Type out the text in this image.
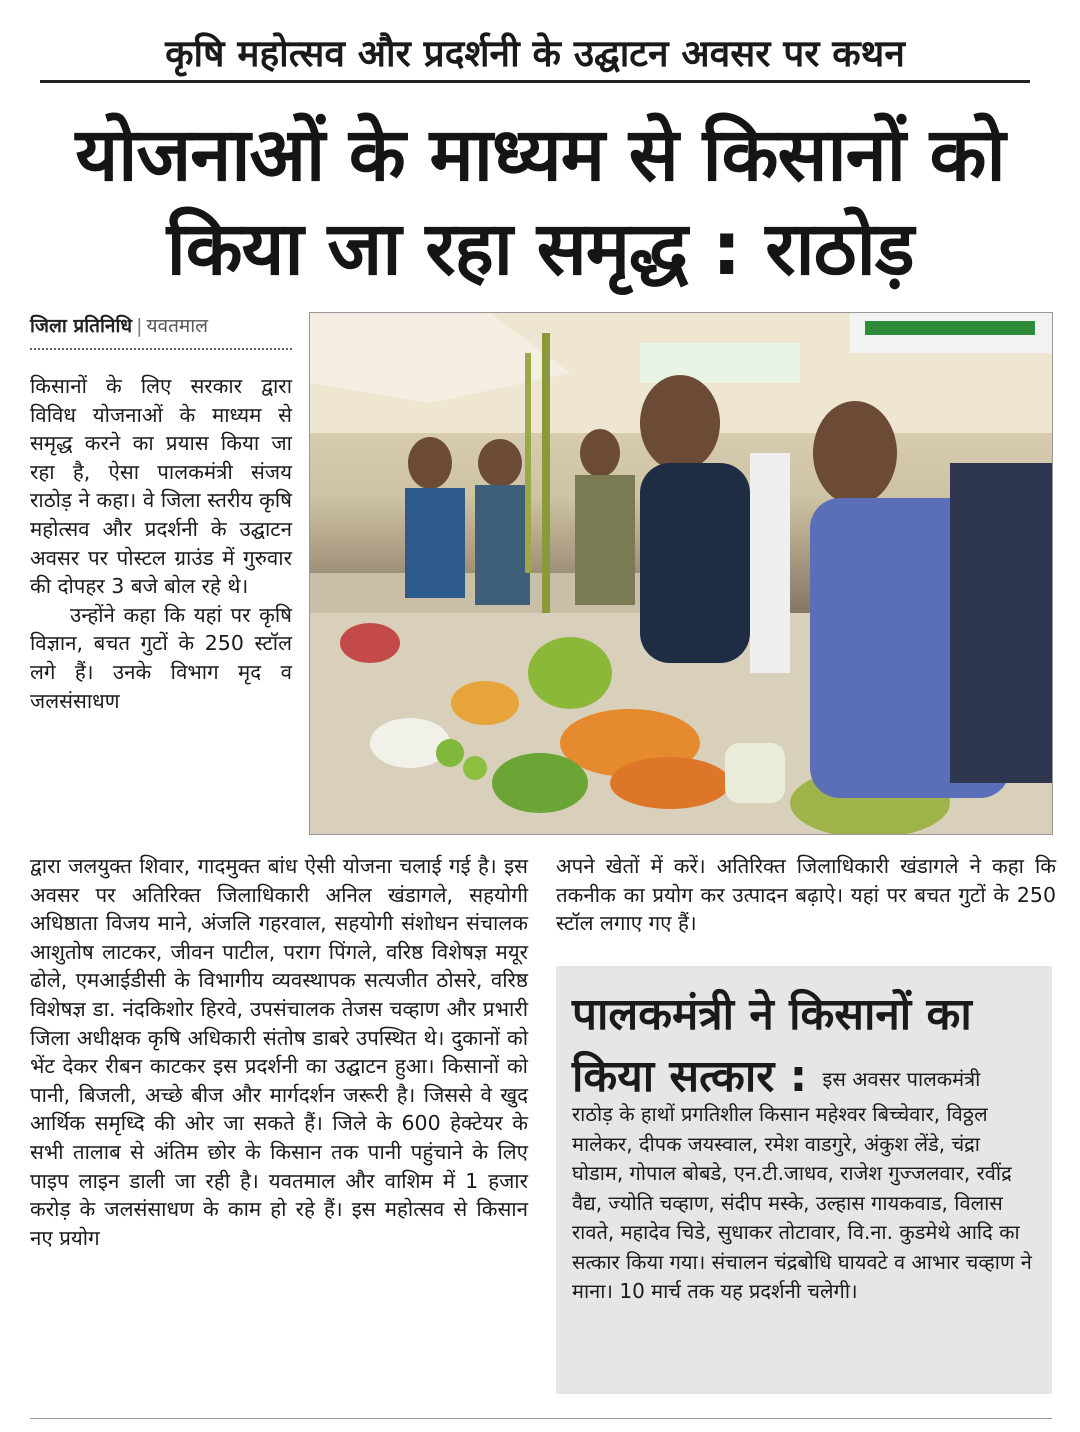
कृषि महोत्सव और प्रदर्शनी के उद्घाटन अवसर पर कथन
योजनाओं के माध्यम से किसानों को
किया जा रहा समृद्ध : राठोड़
जिला प्रतिनिधि | यवतमाल
किसानों के लिए सरकार द्वारा विविध योजनाओं के माध्यम से समृद्ध करने का प्रयास किया जा रहा है, ऐसा पालकमंत्री संजय राठोड़ ने कहा। वे जिला स्तरीय कृषि महोत्सव और प्रदर्शनी के उद्घाटन अवसर पर पोस्टल ग्राउंड में गुरुवार की दोपहर 3 बजे बोल रहे थे।
उन्होंने कहा कि यहां पर कृषि विज्ञान, बचत गुटों के 250 स्टॉल लगे हैं। उनके विभाग मृद व जलसंसाधण
द्वारा जलयुक्त शिवार, गादमुक्त बांध ऐसी योजना चलाई गई है। इस अवसर पर अतिरिक्त जिलाधिकारी अनिल खंडागले, सहयोगी अधिष्ठाता विजय माने, अंजलि गहरवाल, सहयोगी संशोधन संचालक आशुतोष लाटकर, जीवन पाटील, पराग पिंगले, वरिष्ठ विशेषज्ञ मयूर ढोले, एमआईडीसी के विभागीय व्यवस्थापक सत्यजीत ठोसरे, वरिष्ठ विशेषज्ञ डा. नंदकिशोर हिरवे, उपसंचालक तेजस चव्हाण और प्रभारी जिला अधीक्षक कृषि अधिकारी संतोष डाबरे उपस्थित थे। दुकानों को भेंट देकर रीबन काटकर इस प्रदर्शनी का उद्घाटन हुआ। किसानों को पानी, बिजली, अच्छे बीज और मार्गदर्शन जरूरी है। जिससे वे खुद आर्थिक समृध्दि की ओर जा सकते हैं। जिले के 600 हेक्टेयर के सभी तालाब से अंतिम छोर के किसान तक पानी पहुंचाने के लिए पाइप लाइन डाली जा रही है। यवतमाल और वाशिम में 1 हजार करोड़ के जलसंसाधण के काम हो रहे हैं। इस महोत्सव से किसान नए प्रयोग
अपने खेतों में करें। अतिरिक्त जिलाधिकारी खंडागले ने कहा कि तकनीक का प्रयोग कर उत्पादन बढ़ाऐ। यहां पर बचत गुटों के 250 स्टॉल लगाए गए हैं।
पालकमंत्री ने किसानों का
किया सत्कार : इस अवसर पालकमंत्री
राठोड़ के हाथों प्रगतिशील किसान महेश्वर बिच्चेवार, विठ्ठल मालेकर, दीपक जयस्वाल, रमेश वाडगुरे, अंकुश लेंडे, चंद्रा घोडाम, गोपाल बोबडे, एन.टी.जाधव, राजेश गुज्जलवार, रवींद्र वैद्य, ज्योति चव्हाण, संदीप मस्के, उल्हास गायकवाड, विलास रावते, महादेव चिडे, सुधाकर तोटावार, वि.ना. कुडमेथे आदि का सत्कार किया गया। संचालन चंद्रबोधि घायवटे व आभार चव्हाण ने माना। 10 मार्च तक यह प्रदर्शनी चलेगी।
